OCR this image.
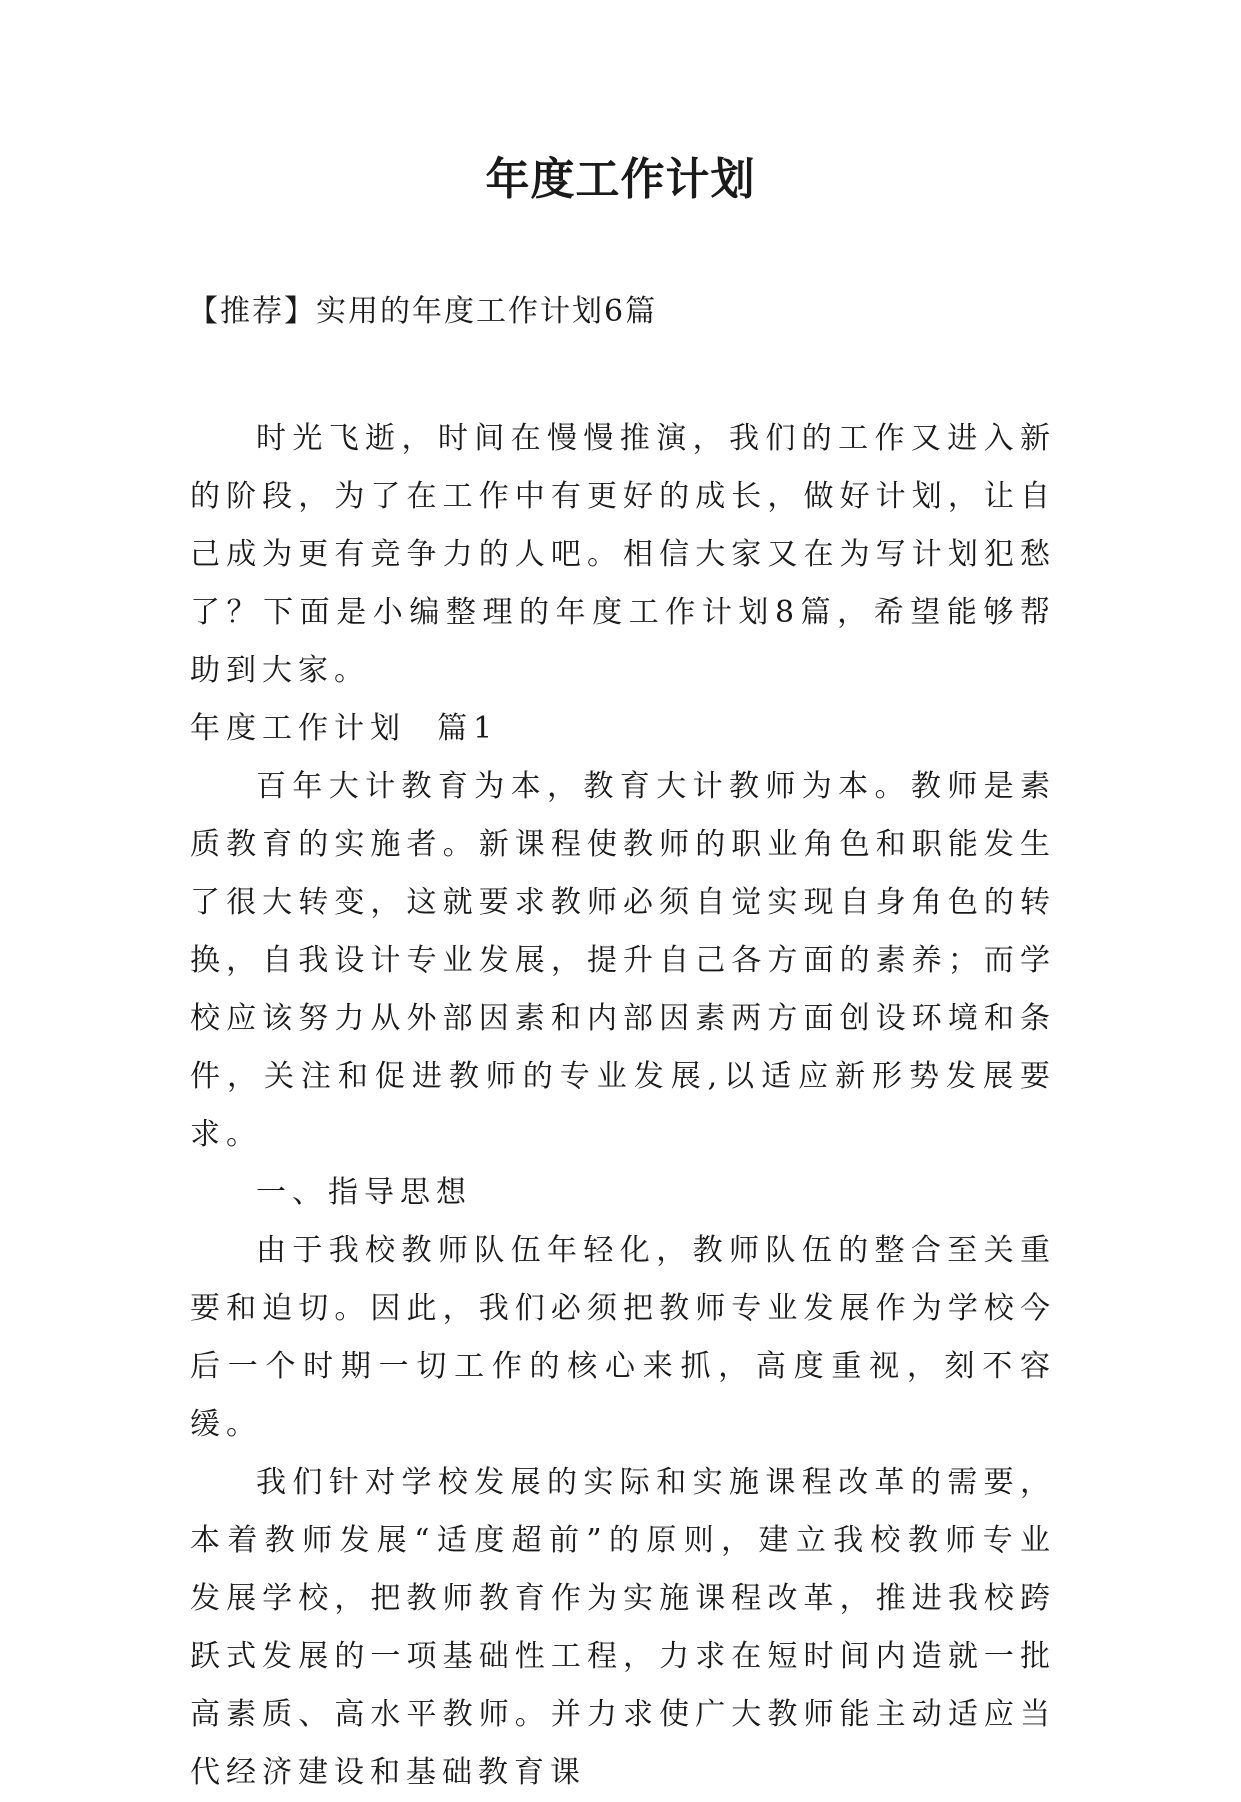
年度工作计划
【推荐】实用的年度工作计划6篇

时光飞逝，时间在慢慢推演，我们的工作又进入新的阶段，为了在工作中有更好的成长，做好计划，让自己成为更有竞争力的人吧。相信大家又在为写计划犯愁了？下面是小编整理的年度工作计划8篇，希望能够帮助到大家。

年度工作计划  篇1

百年大计教育为本，教育大计教师为本。教师是素质教育的实施者。新课程使教师的职业角色和职能发生了很大转变，这就要求教师必须自觉实现自身角色的转换，自我设计专业发展，提升自己各方面的素养；而学校应该努力从外部因素和内部因素两方面创设环境和条件，关注和促进教师的专业发展,以适应新形势发展要求。

一、指导思想

由于我校教师队伍年轻化，教师队伍的整合至关重要和迫切。因此，我们必须把教师专业发展作为学校今后一个时期一切工作的核心来抓，高度重视，刻不容缓。

我们针对学校发展的实际和实施课程改革的需要，本着教师发展“适度超前”的原则，建立我校教师专业发展学校，把教师教育作为实施课程改革，推进我校跨跃式发展的一项基础性工程，力求在短时间内造就一批高素质、高水平教师。并力求使广大教师能主动适应当代经济建设和基础教育课
